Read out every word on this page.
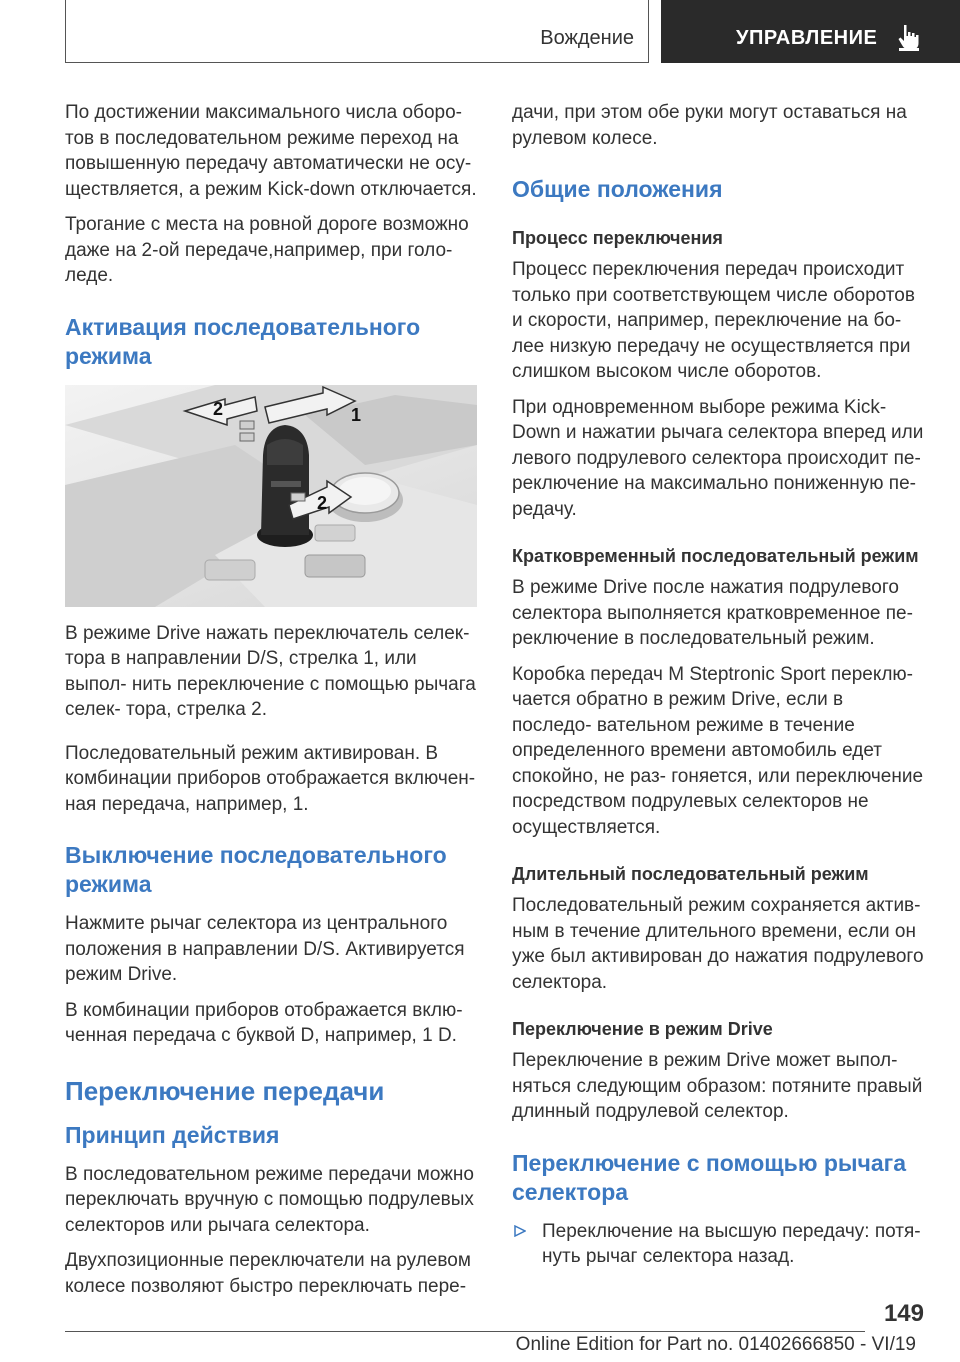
Вождение	УПРАВЛЕНИЕ

По достижении максимального числа оборо- тов в последовательном режиме переход на повышенную передачу автоматически не осу- ществляется, а режим Kick-down отключается.

Трогание с места на ровной дороге возможно даже на 2-ой передаче,например, при голо- леде.

Активация последовательного режима
2	1
2

В режиме Drive нажать переключатель селек- тора в направлении D/S, стрелка 1, или выпол- нить переключение с помощью рычага селек- тора, стрелка 2.

Последовательный режим активирован. В комбинации приборов отображается включен- ная передача, например, 1.

Выключение последовательного режима

Нажмите рычаг селектора из центрального положения в направлении D/S. Активируется режим Drive.

В комбинации приборов отображается вклю- ченная передача с буквой D, например, 1 D.

Переключение передачи
Принцип действия

В последовательном режиме передачи можно переключать вручную с помощью подрулевых селекторов или рычага селектора.

Двухпозиционные переключатели на рулевом колесе позволяют быстро переключать пере-

дачи, при этом обе руки могут оставаться на рулевом колесе.

Общие положения
Процесс переключения

Процесс переключения передач происходит только при соответствующем числе оборотов и скорости, например, переключение на бо- лее низкую передачу не осуществляется при слишком высоком числе оборотов.

При одновременном выборе режима Kick- Down и нажатии рычага селектора вперед или левого подрулевого селектора происходит пе- реключение на максимально пониженную пе- редачу.

Кратковременный последовательный режим

В режиме Drive после нажатия подрулевого селектора выполняется кратковременное пе- реключение в последовательный режим.

Коробка передач M Steptronic Sport переклю- чается обратно в режим Drive, если в последо- вательном режиме в течение определенного времени автомобиль едет спокойно, не раз- гоняется, или переключение посредством подрулевых селекторов не осуществляется.

Длительный последовательный режим

Последовательный режим сохраняется актив- ным в течение длительного времени, если он уже был активирован до нажатия подрулевого селектора.

Переключение в режим Drive

Переключение в режим Drive может выпол- няться следующим образом: потяните правый длинный подрулевой селектор.

Переключение с помощью рычага селектора

Переключение на высшую передачу: потя- нуть рычаг селектора назад.

149
Online Edition for Part no. 01402666850 - VI/19
